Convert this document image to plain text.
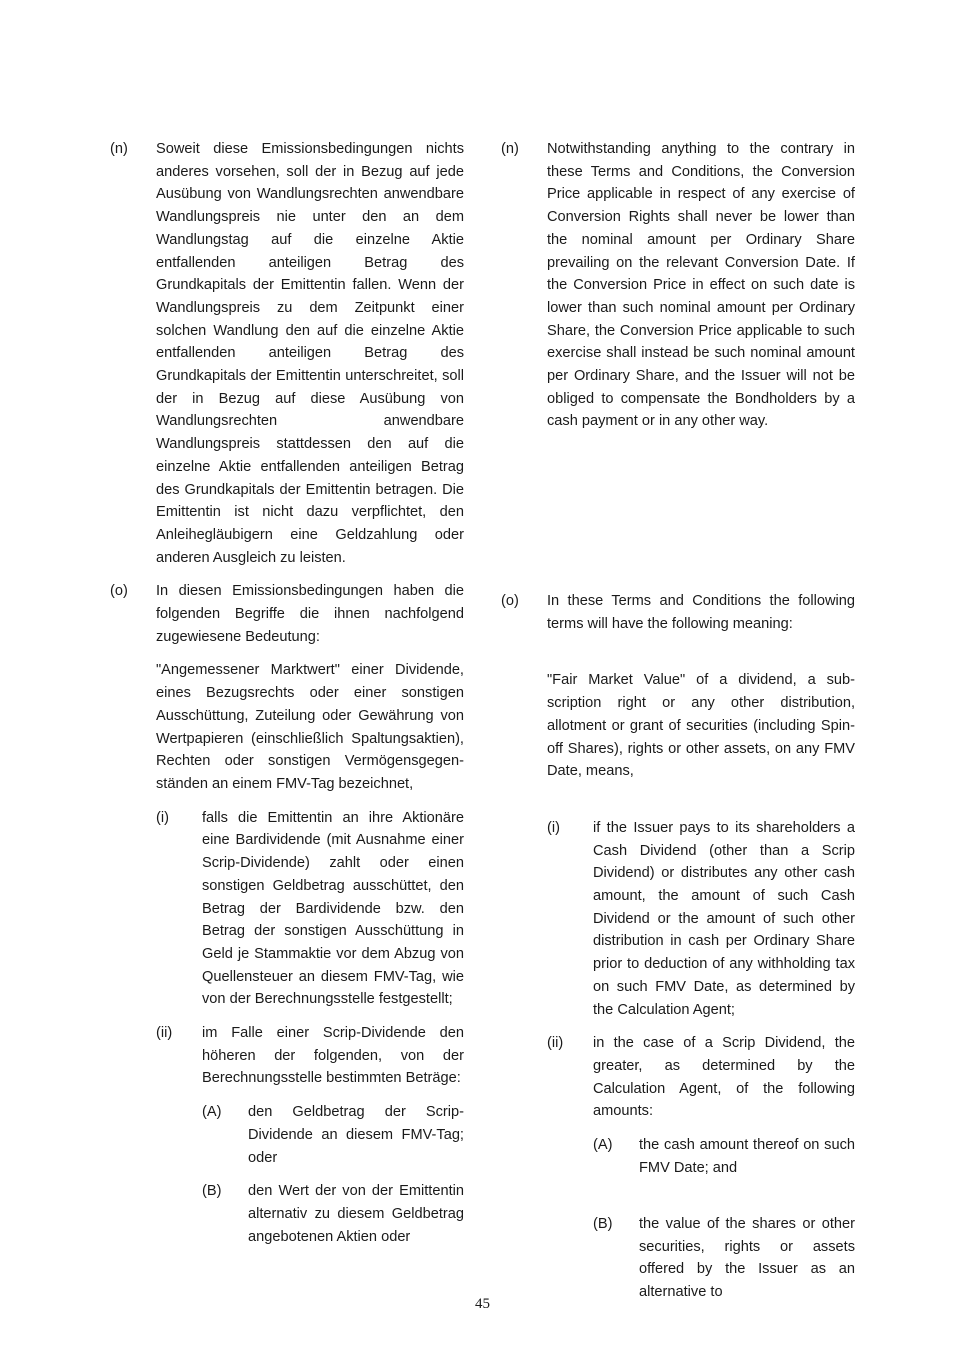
(n) Soweit diese Emissionsbedingungen nichts anderes vorsehen, soll der in Bezug auf jede Ausübung von Wandlungsrechten anwendbare Wandlungspreis nie unter den an dem Wandlungstag auf die einzelne Aktie entfallenden anteiligen Betrag des Grundkapitals der Emittentin fallen. Wenn der Wandlungspreis zu dem Zeitpunkt einer solchen Wandlung den auf die einzelne Aktie entfallenden anteiligen Betrag des Grundkapitals der Emittentin unterschreitet, soll der in Bezug auf diese Ausübung von Wandlungsrechten anwendbare Wandlungspreis stattdessen den auf die einzelne Aktie entfallenden anteiligen Betrag des Grundkapitals der Emittentin betragen. Die Emittentin ist nicht dazu verpflichtet, den Anleihegläubigern eine Geldzahlung oder anderen Ausgleich zu leisten.
(o) In diesen Emissionsbedingungen haben die folgenden Begriffe die ihnen nachfolgend zugewiesene Bedeutung:
"Angemessener Marktwert" einer Dividende, eines Bezugsrechts oder einer sonstigen Ausschüttung, Zuteilung oder Gewährung von Wertpapieren (einschließlich Spaltungsaktien), Rechten oder sonstigen Vermögensgegen-ständen an einem FMV-Tag bezeichnet,
(i) falls die Emittentin an ihre Aktionäre eine Bardividende (mit Ausnahme einer Scrip-Dividende) zahlt oder einen sonstigen Geldbetrag ausschüttet, den Betrag der Bardividende bzw. den Betrag der sonstigen Ausschüttung in Geld je Stammaktie vor dem Abzug von Quellensteuer an diesem FMV-Tag, wie von der Berechnungsstelle festgestellt;
(ii) im Falle einer Scrip-Dividende den höheren der folgenden, von der Berechnungsstelle bestimmten Beträge:
(A) den Geldbetrag der Scrip-Dividende an diesem FMV-Tag; oder
(B) den Wert der von der Emittentin alternativ zu diesem Geldbetrag angebotenen Aktien oder
(n) Notwithstanding anything to the contrary in these Terms and Conditions, the Conversion Price applicable in respect of any exercise of Conversion Rights shall never be lower than the nominal amount per Ordinary Share prevailing on the relevant Conversion Date. If the Conversion Price in effect on such date is lower than such nominal amount per Ordinary Share, the Conversion Price applicable to such exercise shall instead be such nominal amount per Ordinary Share, and the Issuer will not be obliged to compensate the Bondholders by a cash payment or in any other way.
(o) In these Terms and Conditions the following terms will have the following meaning:
"Fair Market Value" of a dividend, a sub-scription right or any other distribution, allotment or grant of securities (including Spin-off Shares), rights or other assets, on any FMV Date, means,
(i) if the Issuer pays to its shareholders a Cash Dividend (other than a Scrip Dividend) or distributes any other cash amount, the amount of such Cash Dividend or the amount of such other distribution in cash per Ordinary Share prior to deduction of any withholding tax on such FMV Date, as determined by the Calculation Agent;
(ii) in the case of a Scrip Dividend, the greater, as determined by the Calculation Agent, of the following amounts:
(A) the cash amount thereof on such FMV Date; and
(B) the value of the shares or other securities, rights or assets offered by the Issuer as an alternative to
45
